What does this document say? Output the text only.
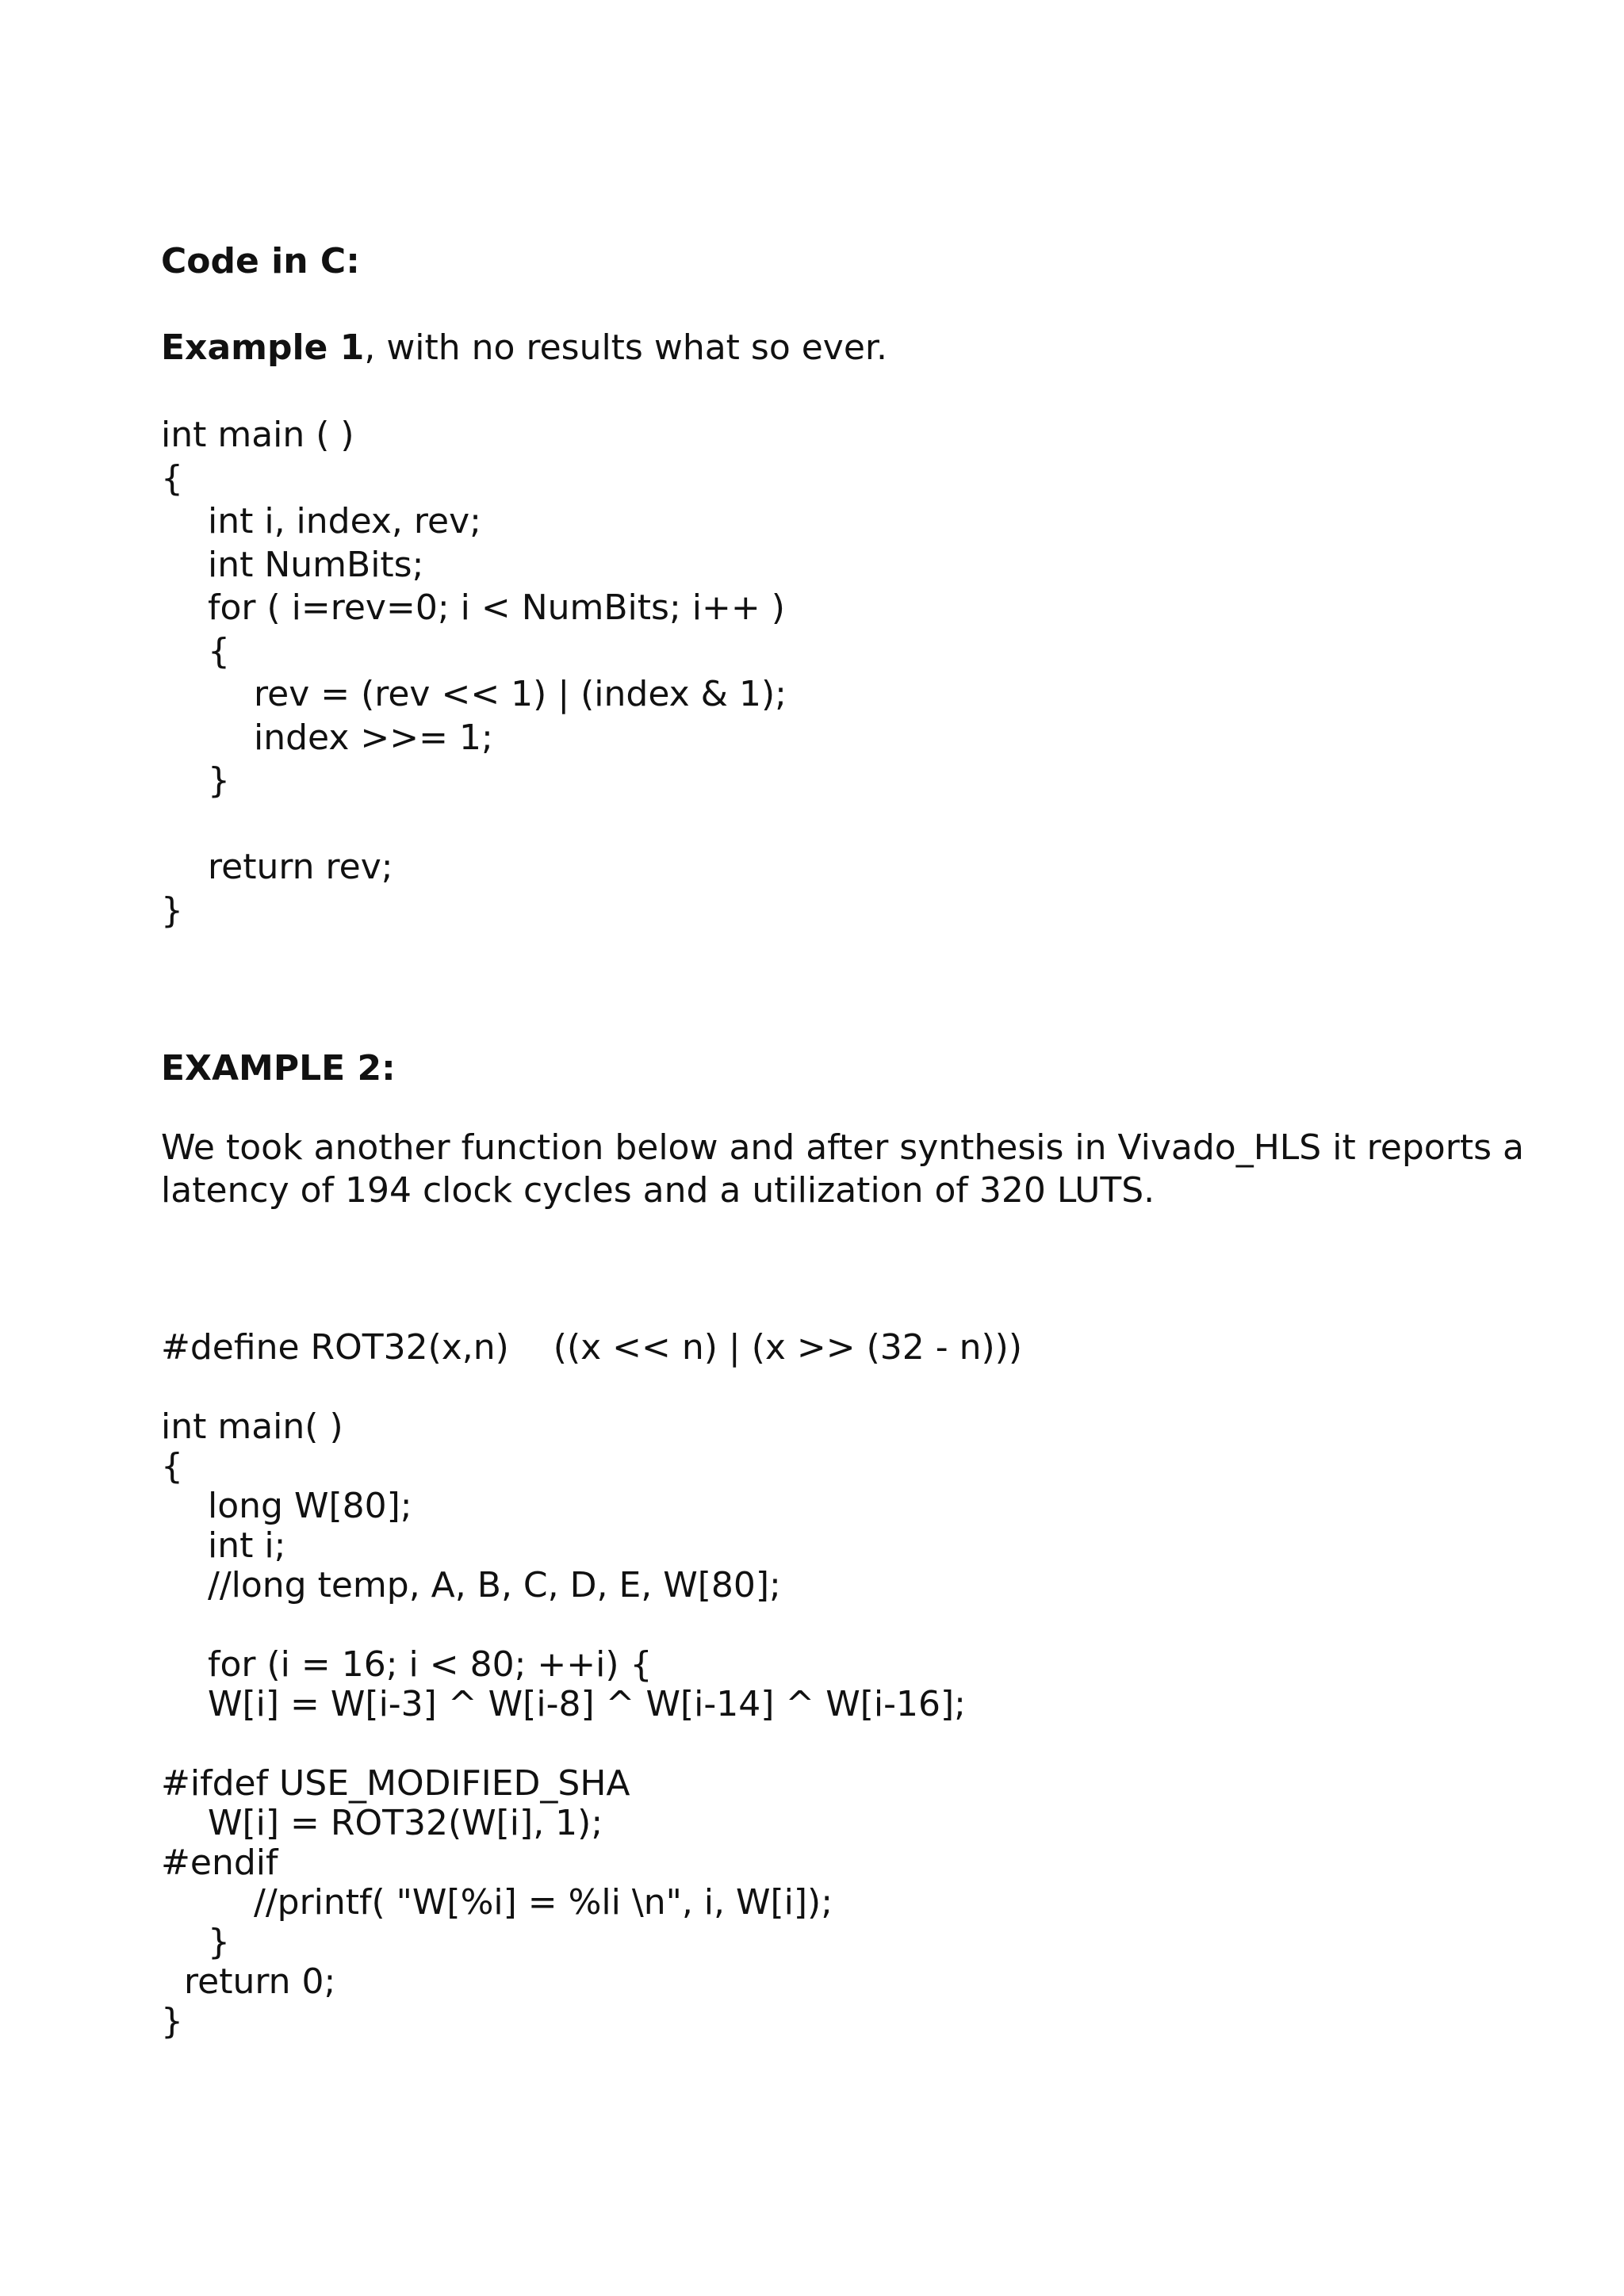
Code in C:
Example 1, with no results what so ever.
int main ( )
{
int i, index, rev;
int NumBits;
for ( i=rev=0; i < NumBits; i++ )
{
rev = (rev << 1) | (index & 1);
index >>= 1;
}
return rev;
}
EXAMPLE 2:
We took another function below and after synthesis in Vivado_HLS it reports a
latency of 194 clock cycles and a utilization of 320 LUTS.
#define ROT32(x,n)    ((x << n) | (x >> (32 - n)))
int main( )
{
long W[80];
int i;
//long temp, A, B, C, D, E, W[80];
for (i = 16; i < 80; ++i) {
W[i] = W[i-3] ^ W[i-8] ^ W[i-14] ^ W[i-16];
#ifdef USE_MODIFIED_SHA
W[i] = ROT32(W[i], 1);
#endif
//printf( "W[%i] = %li \n", i, W[i]);
}
return 0;
}
